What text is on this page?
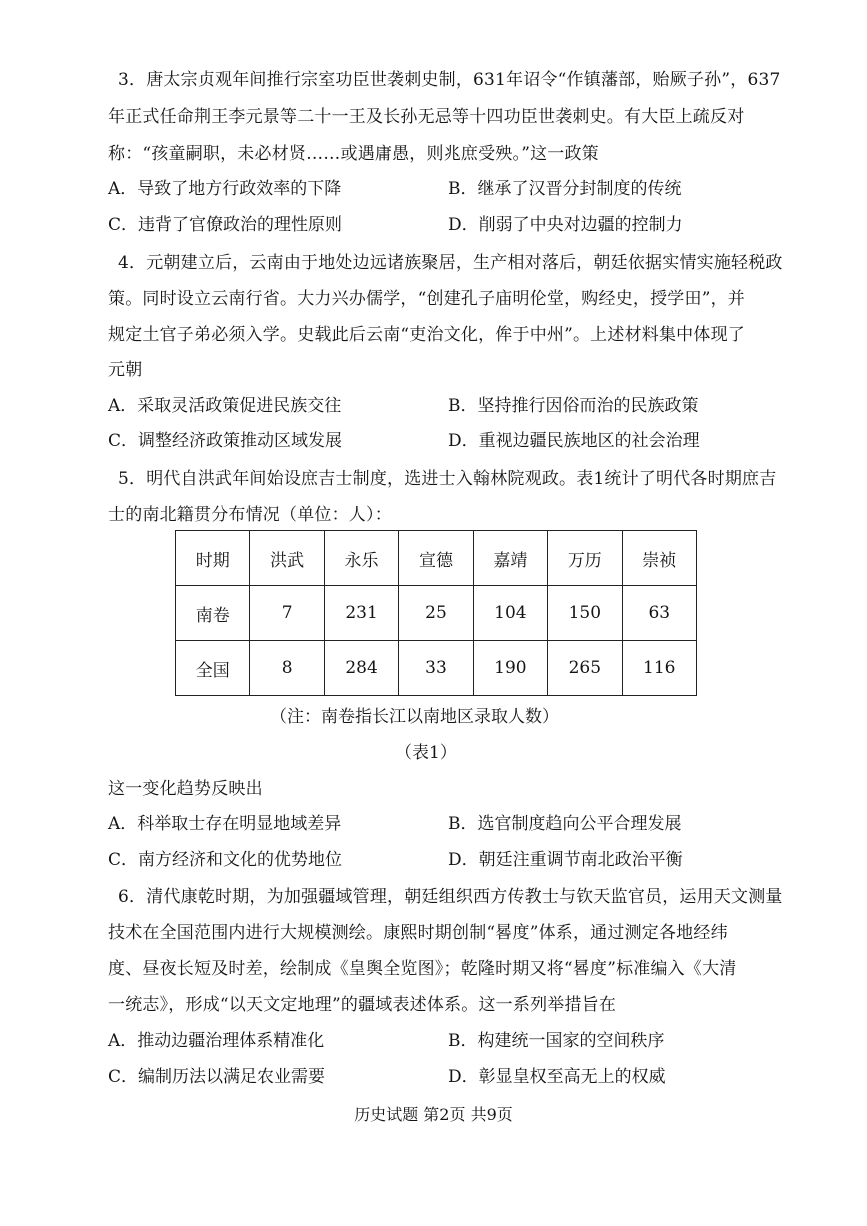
3．唐太宗贞观年间推行宗室功臣世袭刺史制，631年诏令“作镇藩部，贻厥子孙”，637
年正式任命荆王李元景等二十一王及长孙无忌等十四功臣世袭刺史。有大臣上疏反对
称：“孩童嗣职，未必材贤……或遇庸愚，则兆庶受殃。”这一政策
A．导致了地方行政效率的下降	B．继承了汉晋分封制度的传统
C．违背了官僚政治的理性原则	D．削弱了中央对边疆的控制力
4．元朝建立后，云南由于地处边远诸族聚居，生产相对落后，朝廷依据实情实施轻税政
策。同时设立云南行省。大力兴办儒学，“创建孔子庙明伦堂，购经史，授学田”，并
规定土官子弟必须入学。史载此后云南“吏治文化，侔于中州”。上述材料集中体现了
元朝
A．采取灵活政策促进民族交往	B．坚持推行因俗而治的民族政策
C．调整经济政策推动区域发展	D．重视边疆民族地区的社会治理
5．明代自洪武年间始设庶吉士制度，选进士入翰林院观政。表1统计了明代各时期庶吉
士的南北籍贯分布情况（单位：人）：
时期	洪武	永乐	宣德	嘉靖	万历	崇祯
南卷	7	231	25	104	150	63
全国	8	284	33	190	265	116
（注：南卷指长江以南地区录取人数）
（表1）
这一变化趋势反映出
A．科举取士存在明显地域差异	B．选官制度趋向公平合理发展
C．南方经济和文化的优势地位	D．朝廷注重调节南北政治平衡
6．清代康乾时期，为加强疆域管理，朝廷组织西方传教士与钦天监官员，运用天文测量
技术在全国范围内进行大规模测绘。康熙时期创制“晷度”体系，通过测定各地经纬
度、昼夜长短及时差，绘制成《皇舆全览图》；乾隆时期又将“晷度”标准编入《大清
一统志》，形成“以天文定地理”的疆域表述体系。这一系列举措旨在
A．推动边疆治理体系精准化	B．构建统一国家的空间秩序
C．编制历法以满足农业需要	D．彰显皇权至高无上的权威
历史试题 第2页 共9页
